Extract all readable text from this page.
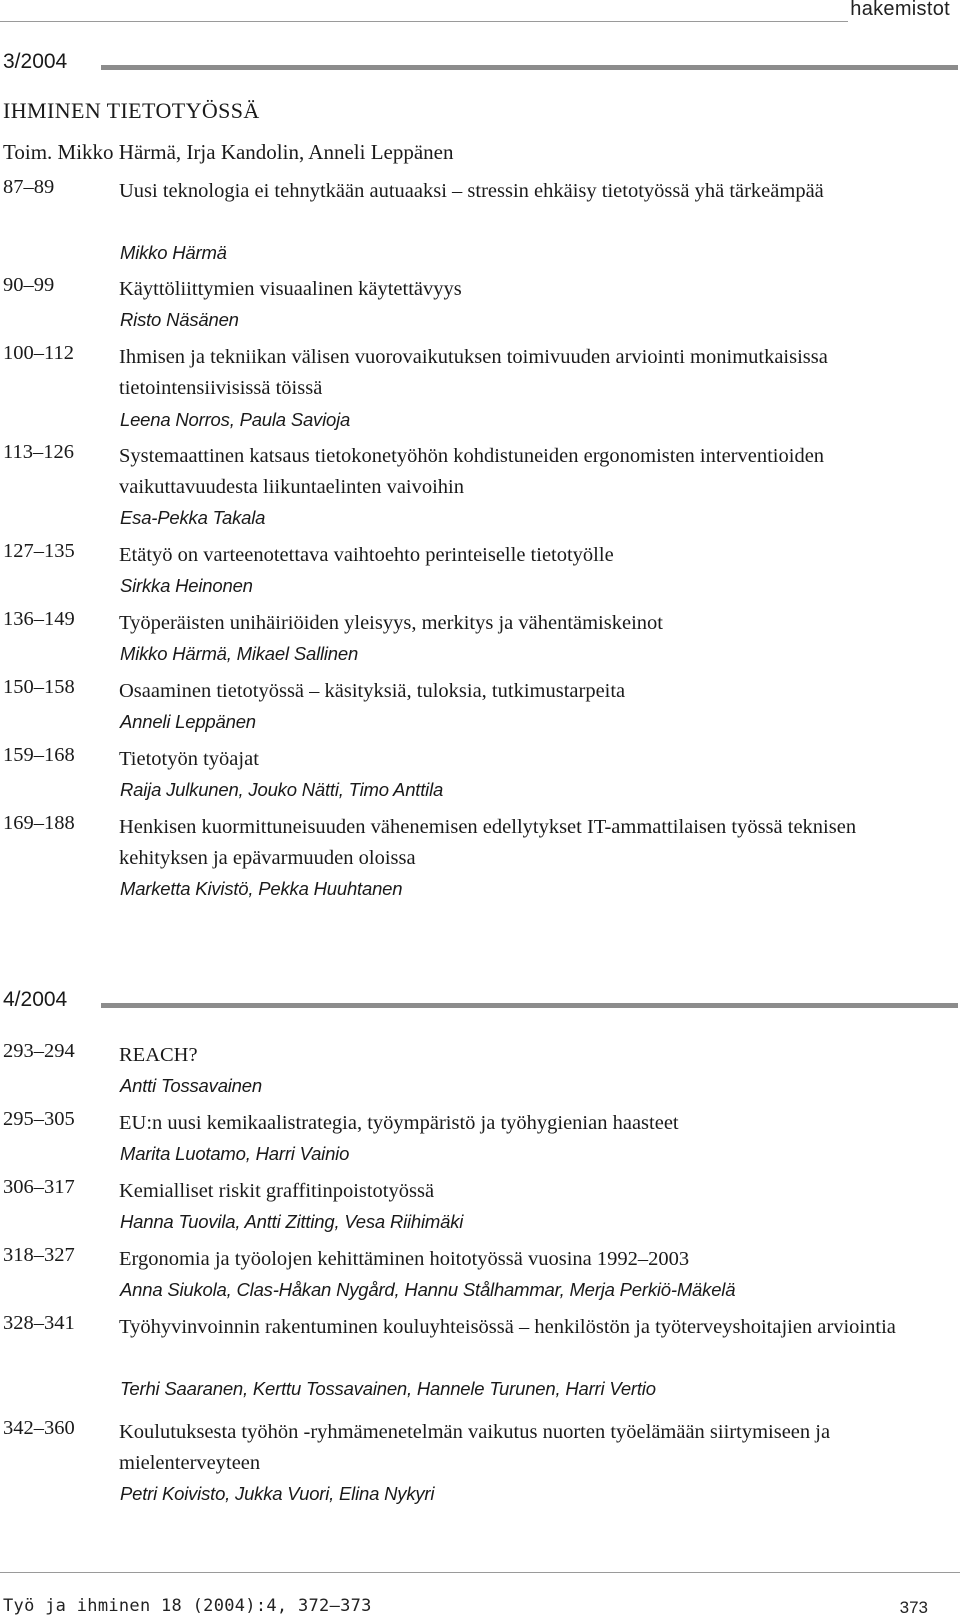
hakemistot
3/2004
IHMINEN TIETOTYÖSSÄ
Toim. Mikko Härmä, Irja Kandolin, Anneli Leppänen
87–89	Uusi teknologia ei tehnytkään autuaaksi – stressin ehkäisy tietotyössä yhä tärkeämpää
Mikko Härmä
90–99	Käyttöliittymien visuaalinen käytettävyys
Risto Näsänen
100–112 Ihmisen ja tekniikan välisen vuorovaikutuksen toimivuuden arviointi monimutkaisissa tietointensiivisissä töissä
Leena Norros, Paula Savioja
113–126 Systemaattinen katsaus tietokonetyöhön kohdistuneiden ergonomisten interventioiden vaikuttavuudesta liikuntaelinten vaivoihin
Esa-Pekka Takala
127–135 Etätyö on varteenotettava vaihtoehto perinteiselle tietotyölle
Sirkka Heinonen
136–149 Työperäisten unihäiriöiden yleisyys, merkitys ja vähentämiskeinot
Mikko Härmä, Mikael Sallinen
150–158 Osaaminen tietotyössä – käsityksiä, tuloksia, tutkimustarpeita
Anneli Leppänen
159–168 Tietotyön työajat
Raija Julkunen, Jouko Nätti, Timo Anttila
169–188 Henkisen kuormittuneisuuden vähenemisen edellytykset IT-ammattilaisen työssä teknisen kehityksen ja epävarmuuden oloissa
Marketta Kivistö, Pekka Huuhtanen
4/2004
293–294 REACH?
Antti Tossavainen
295–305 EU:n uusi kemikaalistrategia, työympäristö ja työhygienian haasteet
Marita Luotamo, Harri Vainio
306–317 Kemialliset riskit graffitinpoistotyössä
Hanna Tuovila, Antti Zitting, Vesa Riihimäki
318–327 Ergonomia ja työolojen kehittäminen hoitotyössä vuosina 1992–2003
Anna Siukola, Clas-Håkan Nygård, Hannu Stålhammar, Merja Perkiö-Mäkelä
328–341 Työhyvinvoinnin rakentuminen kouluyhteisössä – henkilöstön ja työterveyshoitajien arviointia
Terhi Saaranen, Kerttu Tossavainen, Hannele Turunen, Harri Vertio
342–360 Koulutuksesta työhön -ryhmämenetelmän vaikutus nuorten työelämään siirtymiseen ja mielenterveyteen
Petri Koivisto, Jukka Vuori, Elina Nykyri
Työ ja ihminen 18 (2004):4, 372–373	373
